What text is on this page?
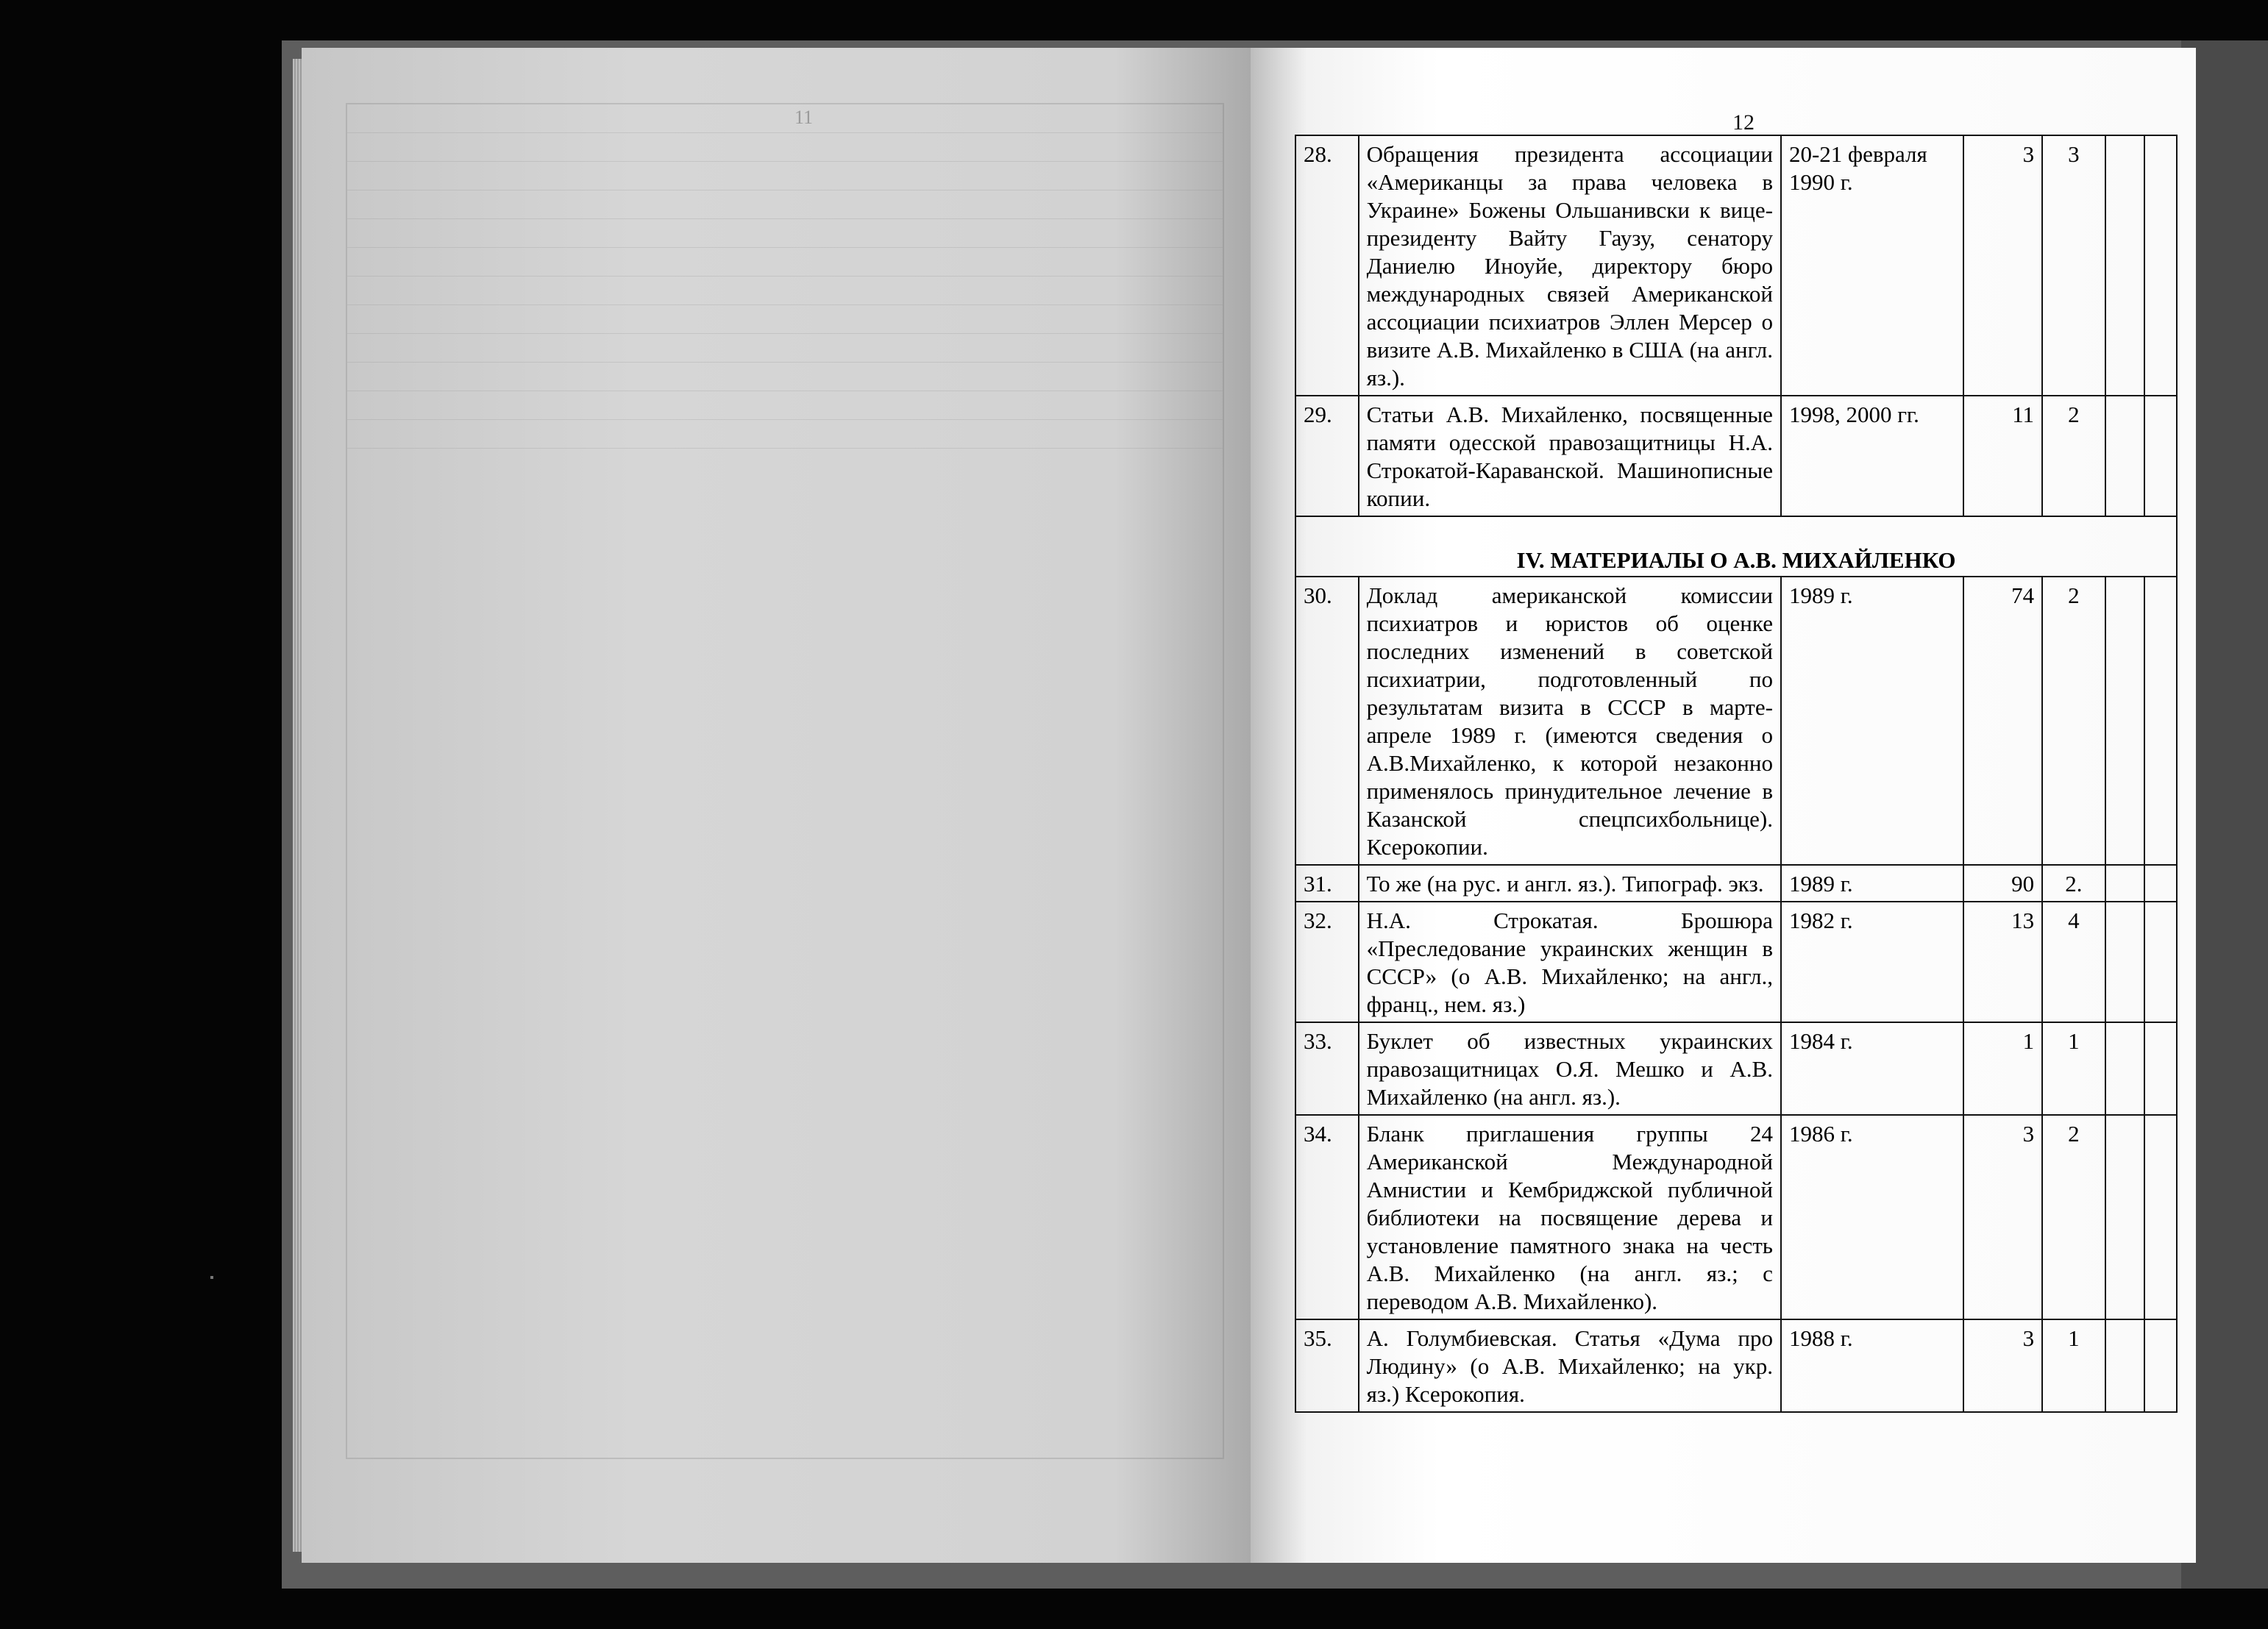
11	12
28.	Обращения президента ассоциации «Американцы за права человека в Украине» Божены Ольшанивски к вице-президенту Вайту Гаузу, сенатору Даниелю Иноуйе, директору бюро международных связей Американской ассоциации психиатров Эллен Мерсер о визите А.В. Михайленко в США (на англ. яз.).	20-21 февраля 1990 г.	3	3		
29.	Статьи А.В. Михайленко, посвященные памяти одесской правозащитницы Н.А. Строкатой-Караванской. Машинописные копии.	1998, 2000 гг.	11	2		
IV. МАТЕРИАЛЫ О А.В. МИХАЙЛЕНКО						
30.	Доклад американской комиссии психиатров и юристов об оценке последних изменений в советской психиатрии, подготовленный по результатам визита в СССР в марте-апреле 1989 г. (имеются сведения о А.В.Михайленко, к которой незаконно применялось принудительное лечение в Казанской спецпсихбольнице). Ксерокопии.	1989 г.	74	2		
31.	То же (на рус. и англ. яз.). Типограф. экз.	1989 г.	90	2.		
32.	Н.А. Строкатая. Брошюра «Преследование украинских женщин в СССР» (о А.В. Михайленко; на англ., франц., нем. яз.)	1982 г.	13	4		
33.	Буклет об известных украинских правозащитницах О.Я. Мешко и А.В. Михайленко (на англ. яз.).	1984 г.	1	1		
34.	Бланк приглашения группы 24 Американской Международной Амнистии и Кембриджской публичной библиотеки на посвящение дерева и установление памятного знака на честь А.В. Михайленко (на англ. яз.; с переводом А.В. Михайленко).	1986 г.	3	2		
35.	А. Голумбиевская. Статья «Дума про Людину» (о А.В. Михайленко; на укр. яз.) Ксерокопия.	1988 г.	3	1		
